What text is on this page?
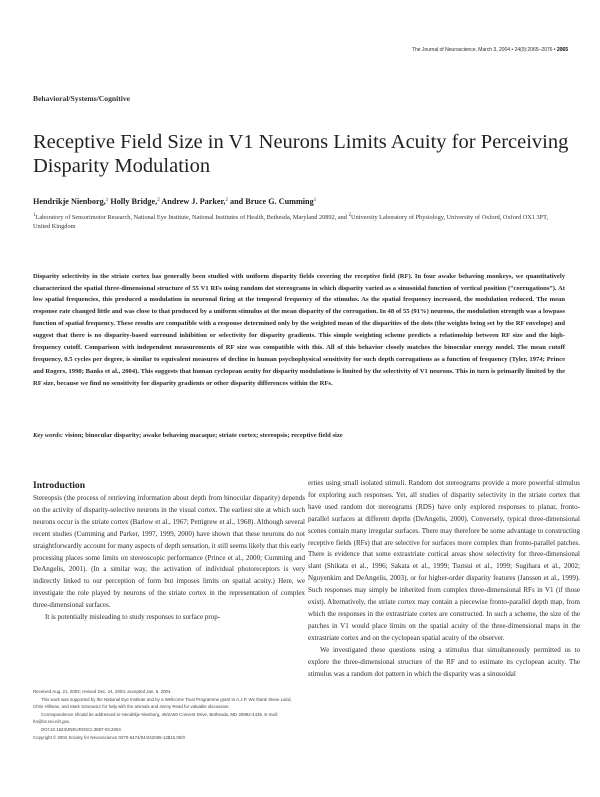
The Journal of Neuroscience, March 3, 2004 • 24(9):2065–2076 • 2065
Behavioral/Systems/Cognitive
Receptive Field Size in V1 Neurons Limits Acuity for Perceiving Disparity Modulation
Hendrikje Nienborg,$^1$ Holly Bridge,$^2$ Andrew J. Parker,$^2$ and Bruce G. Cumming$^1$
$^1$Laboratory of Sensorimotor Research, National Eye Institute, National Institutes of Health, Bethesda, Maryland 20892, and $^2$University Laboratory of Physiology, University of Oxford, Oxford OX1 3PT, United Kingdom

Disparity selectivity in the striate cortex has generally been studied with uniform disparity fields covering the receptive field (RF). In four awake behaving monkeys, we quantitatively characterized the spatial three-dimensional structure of 55 V1 RFs using random dot stereograms in which disparity varied as a sinusoidal function of vertical position (“corrugations”). At low spatial frequencies, this produced a modulation in neuronal firing at the temporal frequency of the stimulus. As the spatial frequency increased, the modulation reduced. The mean response rate changed little and was close to that produced by a uniform stimulus at the mean disparity of the corrugation. In 48 of 55 (91%) neurons, the modulation strength was a lowpass function of spatial frequency. These results are compatible with a response determined only by the weighted mean of the disparities of the dots (the weights being set by the RF envelope) and suggest that there is no disparity-based surround inhibition or selectivity for disparity gradients. This simple weighting scheme predicts a relationship between RF size and the high-frequency cutoff. Comparison with independent measurements of RF size was compatible with this. All of this behavior closely matches the binocular energy model. The mean cutoff frequency, 0.5 cycles per degree, is similar to equivalent measures of decline in human psychophysical sensitivity for such depth corrugations as a function of frequency (Tyler, 1974; Prince and Rogers, 1998; Banks et al., 2004). This suggests that human cyclopean acuity for disparity modulations is limited by the selectivity of V1 neurons. This in turn is primarily limited by the RF size, because we find no sensitivity for disparity gradients or other disparity differences within the RFs.

Key words: vision; binocular disparity; awake behaving macaque; striate cortex; stereopsis; receptive field size
Introduction

Stereopsis (the process of retrieving information about depth from binocular disparity) depends on the activity of disparity-selective neurons in the visual cortex. The earliest site at which such neurons occur is the striate cortex (Barlow et al., 1967; Pettigrew et al., 1968). Although several recent studies (Cumming and Parker, 1997, 1999, 2000) have shown that these neurons do not straightforwardly account for many aspects of depth sensation, it still seems likely that this early processing places some limits on stereoscopic performance (Prince et al., 2000; Cumming and DeAngelis, 2001). (In a similar way, the activation of individual photoreceptors is very indirectly linked to our perception of form but imposes limits on spatial acuity.) Here, we investigate the role played by neurons of the striate cortex in the representation of complex three-dimensional surfaces.

It is potentially misleading to study responses to surface prop-

erties using small isolated stimuli. Random dot stereograms provide a more powerful stimulus for exploring such responses. Yet, all studies of disparity selectivity in the striate cortex that have used random dot stereograms (RDS) have only explored responses to planar, fronto-parallel surfaces at different depths (DeAngelis, 2000). Conversely, typical three-dimensional scenes contain many irregular surfaces. There may therefore be some advantage to constructing receptive fields (RFs) that are selective for surfaces more complex than fronto-parallel patches. There is evidence that some extrastriate cortical areas show selectivity for three-dimensional slant (Shikata et al., 1996; Sakata et al., 1999; Tsutsui et al., 1999; Sugihara et al., 2002; Nguyenkim and DeAngelis, 2003), or for higher-order disparity features (Janssen et al., 1999). Such responses may simply be inherited from complex three-dimensional RFs in V1 (if those exist). Alternatively, the striate cortex may contain a piecewise fronto-parallel depth map, from which the responses in the extrastriate cortex are constructed. In such a scheme, the size of the patches in V1 would place limits on the spatial acuity of the three-dimensional maps in the extrastriate cortex and on the cyclopean spatial acuity of the observer.

We investigated these questions using a stimulus that simultaneously permitted us to explore the three-dimensional structure of the RF and to estimate its cyclopean acuity. The stimulus was a random dot pattern in which the disparity was a sinusoidal

Received Aug. 21, 2003; revised Dec. 24, 2003; accepted Jan. 6, 2004.

This work was supported by the National Eye Institute and by a Wellcome Trust Programme grant to A.J.P. We thank Steve Laird, Chris Hillman, and Mark Szarowicz for help with the animals and Jenny Read for valuable discussion.

Correspondence should be addressed to Hendrikje Nienborg, 49/2A50 Convent Drive, Bethesda, MD 20892-4435. E-mail: hn@lsr.nei.nih.gov.

DOI:10.1523/JNEUROSCI.3887-03.2004

Copyright © 2004 Society for Neuroscience 0270-6474/04/242065-12$15.00/0
